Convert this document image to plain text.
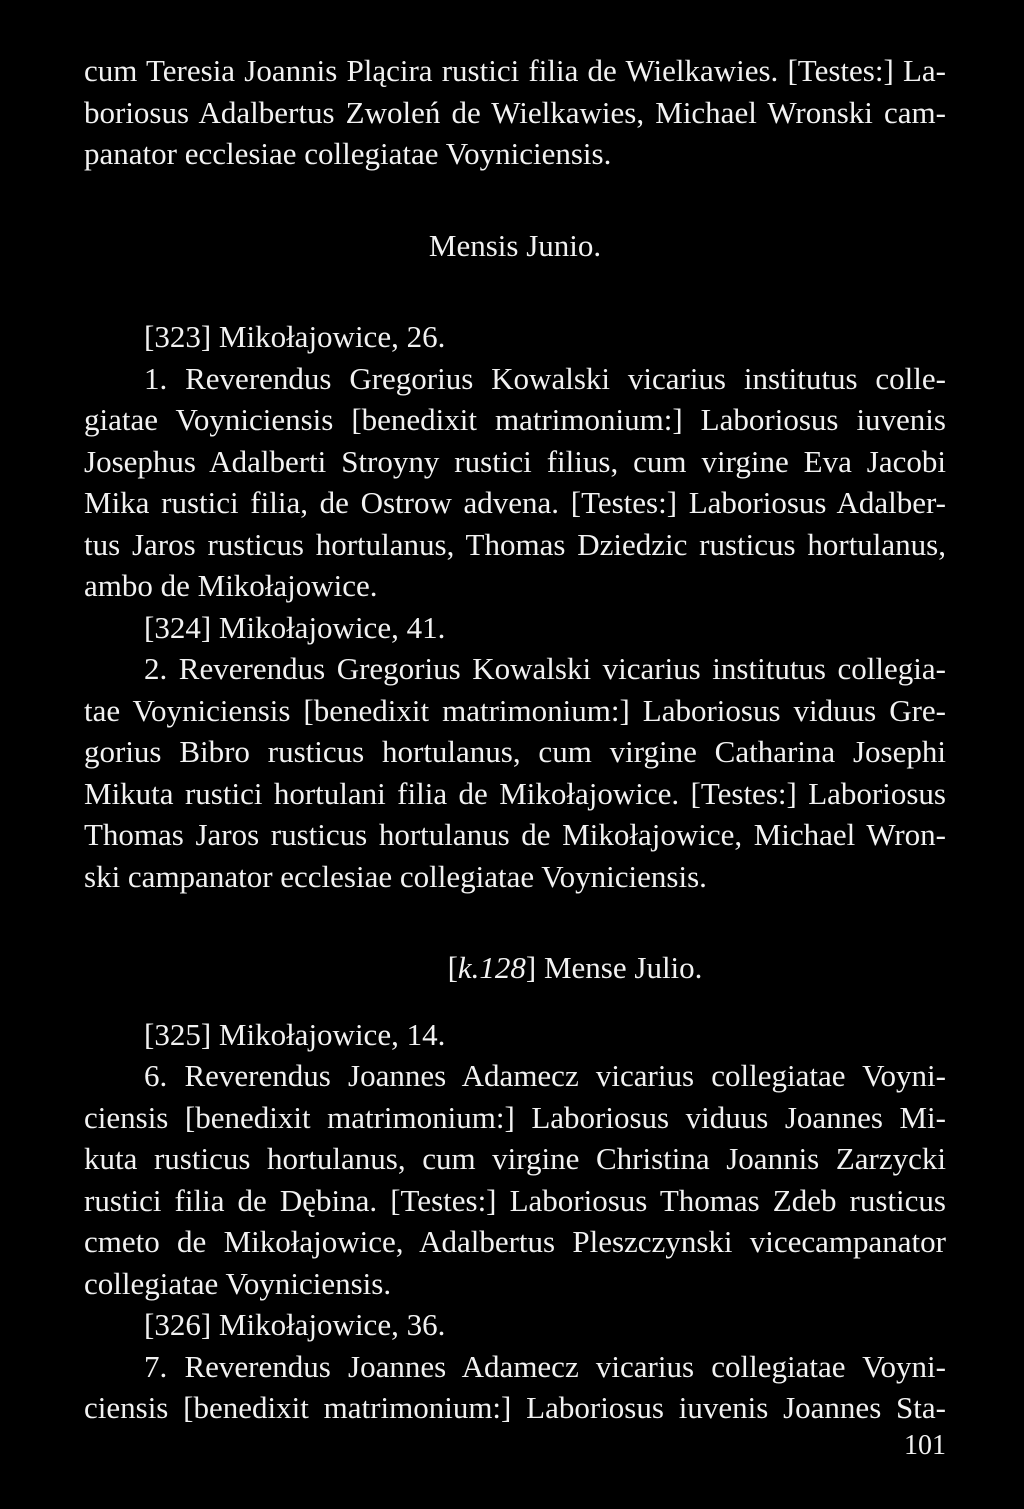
cum Teresia Joannis Plącira rustici filia de Wielkawies. [Testes:] La-
boriosus Adalbertus Zwoleń de Wielkawies, Michael Wronski cam-
panator ecclesiae collegiatae Voyniciensis.
Mensis Junio.
[323] Mikołajowice, 26.
1. Reverendus Gregorius Kowalski vicarius institutus colle-
giatae Voyniciensis [benedixit matrimonium:] Laboriosus iuvenis
Josephus Adalberti Stroyny rustici filius, cum virgine Eva Jacobi
Mika rustici filia, de Ostrow advena. [Testes:] Laboriosus Adalber-
tus Jaros rusticus hortulanus, Thomas Dziedzic rusticus hortulanus,
ambo de Mikołajowice.
[324] Mikołajowice, 41.
2. Reverendus Gregorius Kowalski vicarius institutus collegia-
tae Voyniciensis [benedixit matrimonium:] Laboriosus viduus Gre-
gorius Bibro rusticus hortulanus, cum virgine Catharina Josephi
Mikuta rustici hortulani filia de Mikołajowice. [Testes:] Laboriosus
Thomas Jaros rusticus hortulanus de Mikołajowice, Michael Wron-
ski campanator ecclesiae collegiatae Voyniciensis.
[k.128] Mense Julio.
[325] Mikołajowice, 14.
6. Reverendus Joannes Adamecz vicarius collegiatae Voyni-
ciensis [benedixit matrimonium:] Laboriosus viduus Joannes Mi-
kuta rusticus hortulanus, cum virgine Christina Joannis Zarzycki
rustici filia de Dębina. [Testes:] Laboriosus Thomas Zdeb rusticus
cmeto de Mikołajowice, Adalbertus Pleszczynski vicecampanator
collegiatae Voyniciensis.
[326] Mikołajowice, 36.
7. Reverendus Joannes Adamecz vicarius collegiatae Voyni-
ciensis [benedixit matrimonium:] Laboriosus iuvenis Joannes Sta-
101
